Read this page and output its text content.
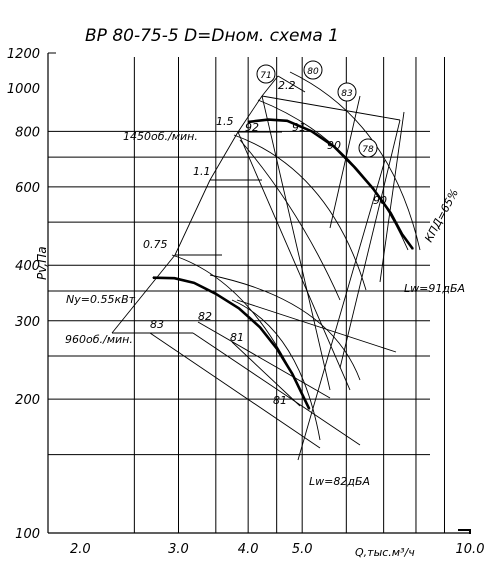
100
200
300
400
600
800
1000
1200
2.0	3.0	4.0	5.0	10.0
71	80
83
78
ВР 80-75-5 D=Dном. схема 1
Q,тыс.м³/ч
Pv,Па
1450об./мин.
960об./мин.
Lw=91дБА
Lw=82дБА
Ny=0.55кВт
0.75
1.1
1.5
2.2
83
82
81
81
92	91
90
90	КПД=65%
